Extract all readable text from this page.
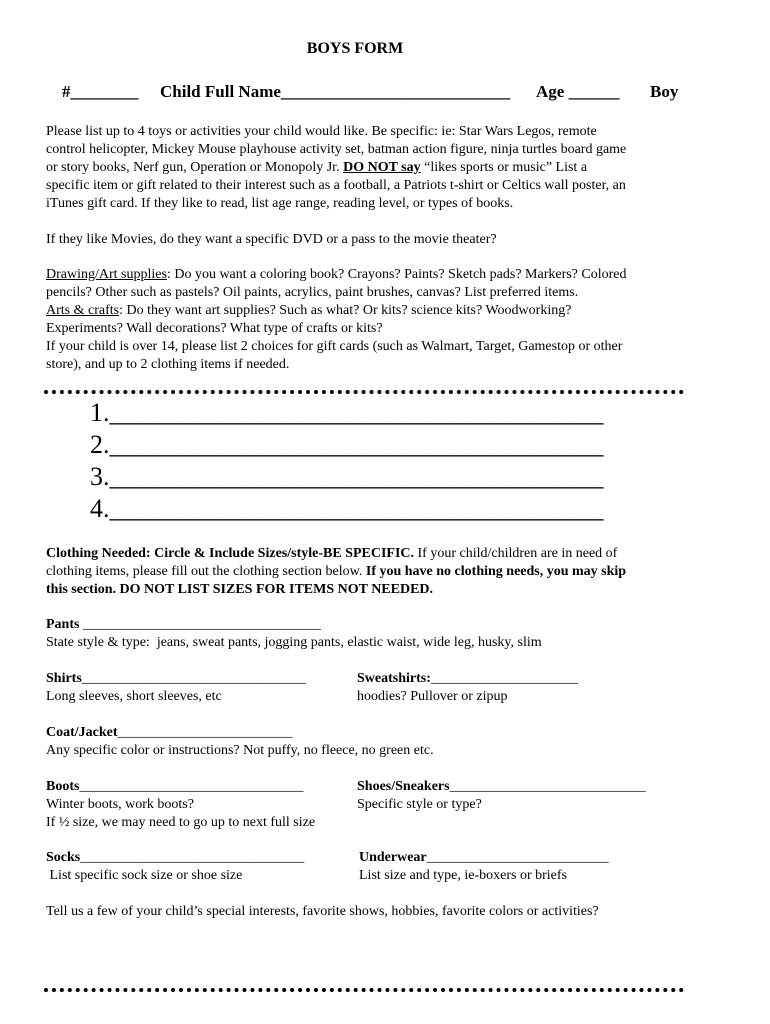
BOYS FORM
#________ Child Full Name___________________________ Age ______ Boy

Please list up to 4 toys or activities your child would like. Be specific: ie: Star Wars Legos, remote

control helicopter, Mickey Mouse playhouse activity set, batman action figure, ninja turtles board game

or story books, Nerf gun, Operation or Monopoly Jr. DO NOT say “likes sports or music” List a

specific item or gift related to their interest such as a football, a Patriots t-shirt or Celtics wall poster, an

iTunes gift card. If they like to read, list age range, reading level, or types of books.

If they like Movies, do they want a specific DVD or a pass to the movie theater?

Drawing/Art supplies: Do you want a coloring book? Crayons? Paints? Sketch pads? Markers? Colored

pencils? Other such as pastels? Oil paints, acrylics, paint brushes, canvas? List preferred items.

Arts & crafts: Do they want art supplies? Such as what? Or kits? science kits? Woodworking?

Experiments? Wall decorations? What type of crafts or kits?

If your child is over 14, please list 2 choices for gift cards (such as Walmart, Target, Gamestop or other

store), and up to 2 clothing items if needed.

1.______________________________________
2.______________________________________
3.______________________________________
4.______________________________________

Clothing Needed: Circle & Include Sizes/style-BE SPECIFIC. If your child/children are in need of

clothing items, please fill out the clothing section below. If you have no clothing needs, you may skip

this section. DO NOT LIST SIZES FOR ITEMS NOT NEEDED.

Pants __________________________________
State style & type:  jeans, sweat pants, jogging pants, elastic waist, wide leg, husky, slim
Shirts________________________________
Long sleeves, short sleeves, etc
Sweatshirts:_____________________
hoodies? Pullover or zipup
Coat/Jacket_________________________
Any specific color or instructions? Not puffy, no fleece, no green etc.
Boots________________________________
Winter boots, work boots?
If ½ size, we may need to go up to next full size
Shoes/Sneakers____________________________
Specific style or type?
Socks________________________________
List specific sock size or shoe size
Underwear__________________________
List size and type, ie-boxers or briefs
Tell us a few of your child’s special interests, favorite shows, hobbies, favorite colors or activities?
